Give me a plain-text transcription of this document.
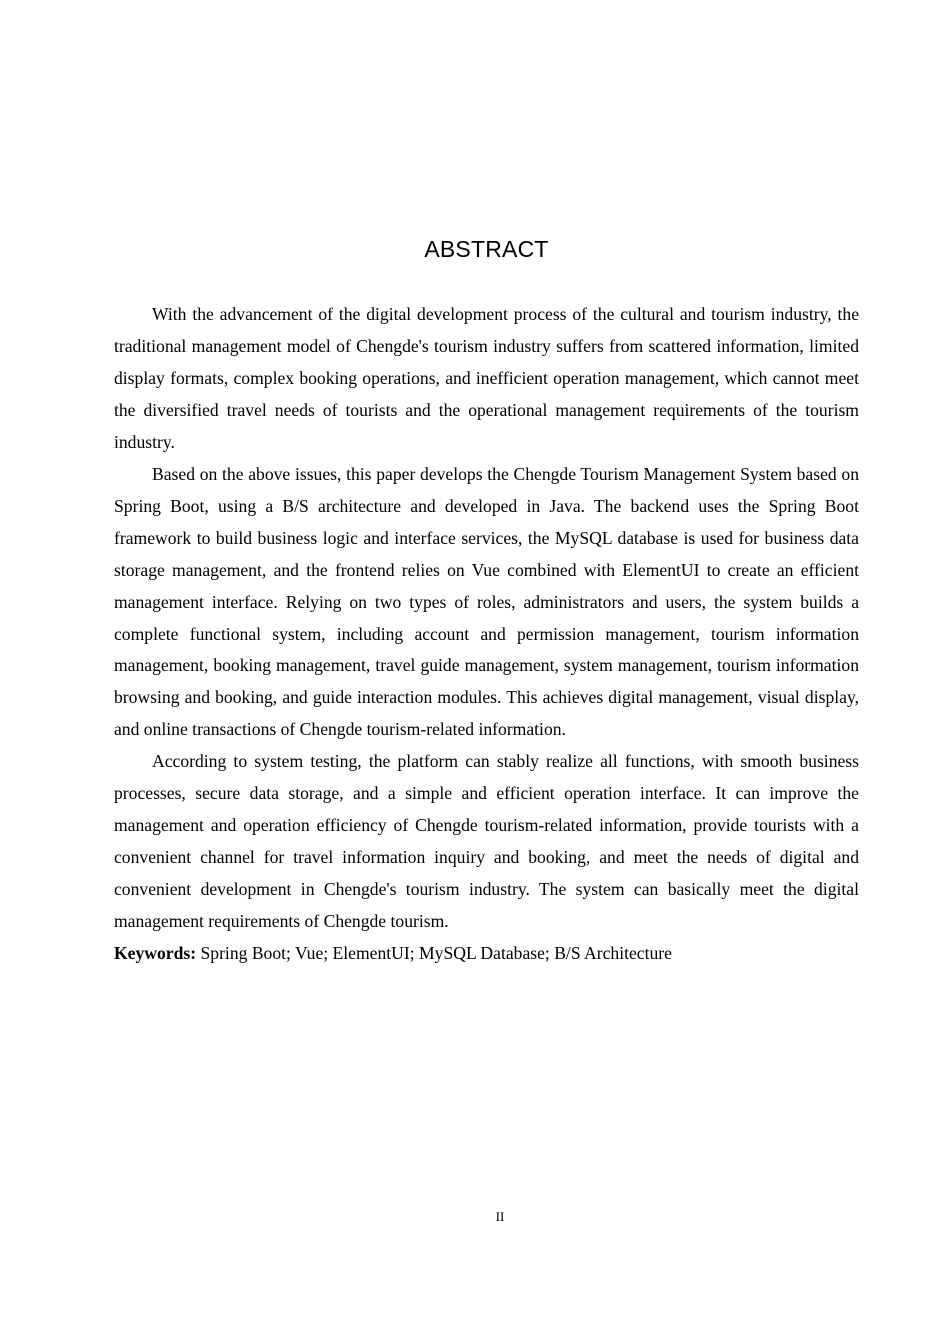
ABSTRACT

With the advancement of the digital development process of the cultural and tourism industry, the traditional management model of Chengde's tourism industry suffers from scattered information, limited display formats, complex booking operations, and inefficient operation management, which cannot meet the diversified travel needs of tourists and the operational management requirements of the tourism industry.

Based on the above issues, this paper develops the Chengde Tourism Management System based on Spring Boot, using a B/S architecture and developed in Java. The backend uses the Spring Boot framework to build business logic and interface services, the MySQL database is used for business data storage management, and the frontend relies on Vue combined with ElementUI to create an efficient management interface. Relying on two types of roles, administrators and users, the system builds a complete functional system, including account and permission management, tourism information management, booking management, travel guide management, system management, tourism information browsing and booking, and guide interaction modules. This achieves digital management, visual display, and online transactions of Chengde tourism-related information.

According to system testing, the platform can stably realize all functions, with smooth business processes, secure data storage, and a simple and efficient operation interface. It can improve the management and operation efficiency of Chengde tourism-related information, provide tourists with a convenient channel for travel information inquiry and booking, and meet the needs of digital and convenient development in Chengde's tourism industry. The system can basically meet the digital management requirements of Chengde tourism.

Keywords: Spring Boot; Vue; ElementUI; MySQL Database; B/S Architecture

II
